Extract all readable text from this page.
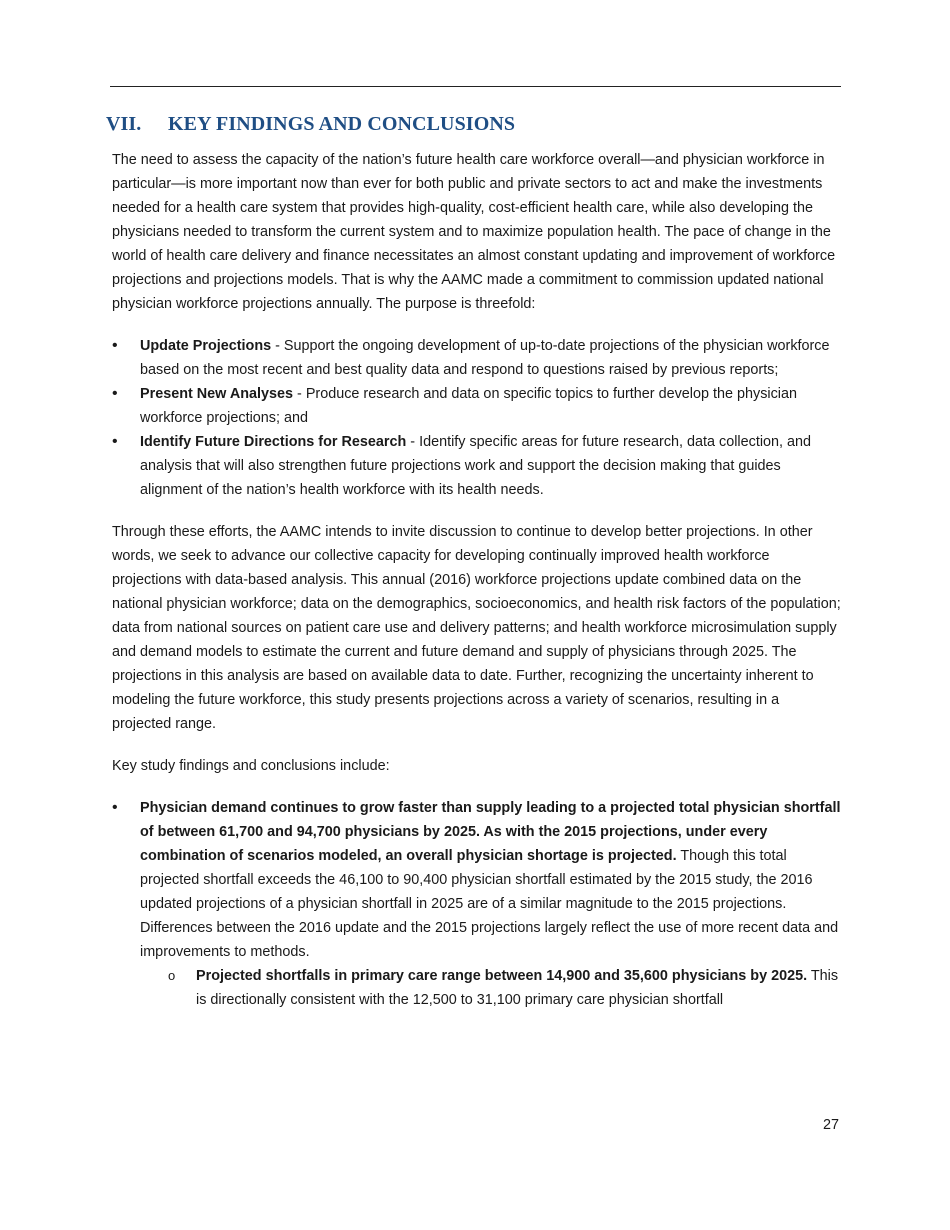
VII. KEY FINDINGS AND CONCLUSIONS

The need to assess the capacity of the nation’s future health care workforce overall—and physician workforce in particular—is more important now than ever for both public and private sectors to act and make the investments needed for a health care system that provides high-quality, cost-efficient health care, while also developing the physicians needed to transform the current system and to maximize population health. The pace of change in the world of health care delivery and finance necessitates an almost constant updating and improvement of workforce projections and projections models. That is why the AAMC made a commitment to commission updated national physician workforce projections annually. The purpose is threefold:

• Update Projections - Support the ongoing development of up-to-date projections of the physician workforce based on the most recent and best quality data and respond to questions raised by previous reports;
• Present New Analyses - Produce research and data on specific topics to further develop the physician workforce projections; and
• Identify Future Directions for Research - Identify specific areas for future research, data collection, and analysis that will also strengthen future projections work and support the decision making that guides alignment of the nation’s health workforce with its health needs.

Through these efforts, the AAMC intends to invite discussion to continue to develop better projections. In other words, we seek to advance our collective capacity for developing continually improved health workforce projections with data-based analysis. This annual (2016) workforce projections update combined data on the national physician workforce; data on the demographics, socioeconomics, and health risk factors of the population; data from national sources on patient care use and delivery patterns; and health workforce microsimulation supply and demand models to estimate the current and future demand and supply of physicians through 2025. The projections in this analysis are based on available data to date. Further, recognizing the uncertainty inherent to modeling the future workforce, this study presents projections across a variety of scenarios, resulting in a projected range.

Key study findings and conclusions include:

• Physician demand continues to grow faster than supply leading to a projected total physician shortfall of between 61,700 and 94,700 physicians by 2025. As with the 2015 projections, under every combination of scenarios modeled, an overall physician shortage is projected. Though this total projected shortfall exceeds the 46,100 to 90,400 physician shortfall estimated by the 2015 study, the 2016 updated projections of a physician shortfall in 2025 are of a similar magnitude to the 2015 projections. Differences between the 2016 update and the 2015 projections largely reflect the use of more recent data and improvements to methods.
o Projected shortfalls in primary care range between 14,900 and 35,600 physicians by 2025. This is directionally consistent with the 12,500 to 31,100 primary care physician shortfall
27
